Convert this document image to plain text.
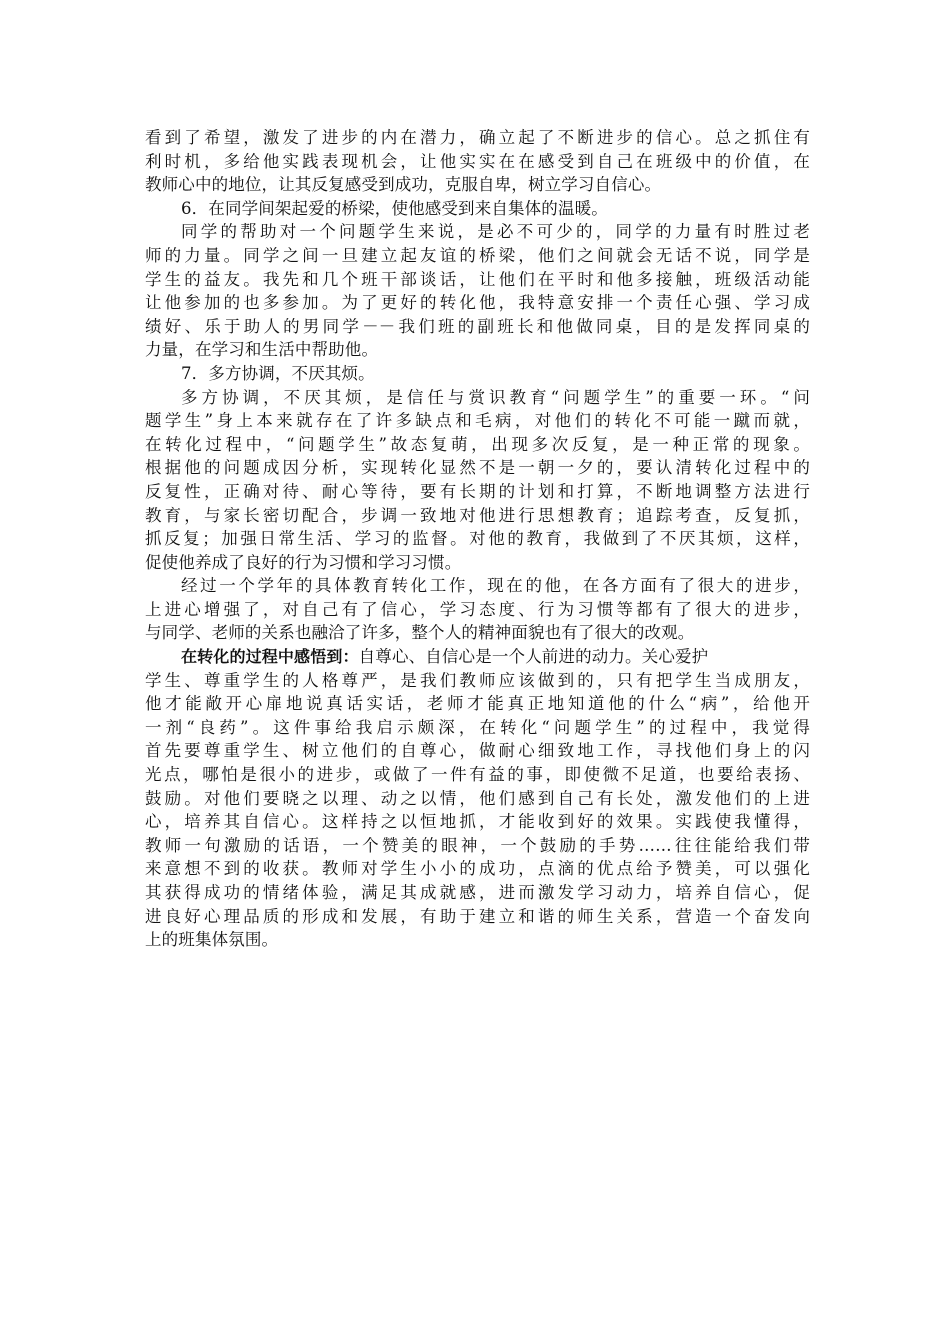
看到了希望，激发了进步的内在潜力，确立起了不断进步的信心。总之抓住有
利时机，多给他实践表现机会，让他实实在在感受到自己在班级中的价值，在
教师心中的地位，让其反复感受到成功，克服自卑，树立学习自信心。
6．在同学间架起爱的桥梁，使他感受到来自集体的温暖。
同学的帮助对一个问题学生来说，是必不可少的，同学的力量有时胜过老
师的力量。同学之间一旦建立起友谊的桥梁，他们之间就会无话不说，同学是
学生的益友。我先和几个班干部谈话，让他们在平时和他多接触，班级活动能
让他参加的也多参加。为了更好的转化他，我特意安排一个责任心强、学习成
绩好、乐于助人的男同学－－我们班的副班长和他做同桌，目的是发挥同桌的
力量，在学习和生活中帮助他。
7．多方协调，不厌其烦。
多方协调，不厌其烦，是信任与赏识教育“问题学生”的重要一环。“问
题学生”身上本来就存在了许多缺点和毛病，对他们的转化不可能一蹴而就，
在转化过程中，“问题学生”故态复萌，出现多次反复，是一种正常的现象。
根据他的问题成因分析，实现转化显然不是一朝一夕的，要认清转化过程中的
反复性，正确对待、耐心等待，要有长期的计划和打算，不断地调整方法进行
教育，与家长密切配合，步调一致地对他进行思想教育；追踪考查，反复抓，
抓反复；加强日常生活、学习的监督。对他的教育，我做到了不厌其烦，这样，
促使他养成了良好的行为习惯和学习习惯。
经过一个学年的具体教育转化工作，现在的他，在各方面有了很大的进步，
上进心增强了，对自己有了信心，学习态度、行为习惯等都有了很大的进步，
与同学、老师的关系也融洽了许多，整个人的精神面貌也有了很大的改观。
在转化的过程中感悟到：自尊心、自信心是一个人前进的动力。关心爱护
学生、尊重学生的人格尊严，是我们教师应该做到的，只有把学生当成朋友，
他才能敞开心扉地说真话实话，老师才能真正地知道他的什么“病”，给他开
一剂“良药”。这件事给我启示颇深，在转化“问题学生”的过程中，我觉得
首先要尊重学生、树立他们的自尊心，做耐心细致地工作，寻找他们身上的闪
光点，哪怕是很小的进步，或做了一件有益的事，即使微不足道，也要给表扬、
鼓励。对他们要晓之以理、动之以情，他们感到自己有长处，激发他们的上进
心，培养其自信心。这样持之以恒地抓，才能收到好的效果。实践使我懂得，
教师一句激励的话语，一个赞美的眼神，一个鼓励的手势……往往能给我们带
来意想不到的收获。教师对学生小小的成功，点滴的优点给予赞美，可以强化
其获得成功的情绪体验，满足其成就感，进而激发学习动力，培养自信心，促
进良好心理品质的形成和发展，有助于建立和谐的师生关系，营造一个奋发向
上的班集体氛围。
